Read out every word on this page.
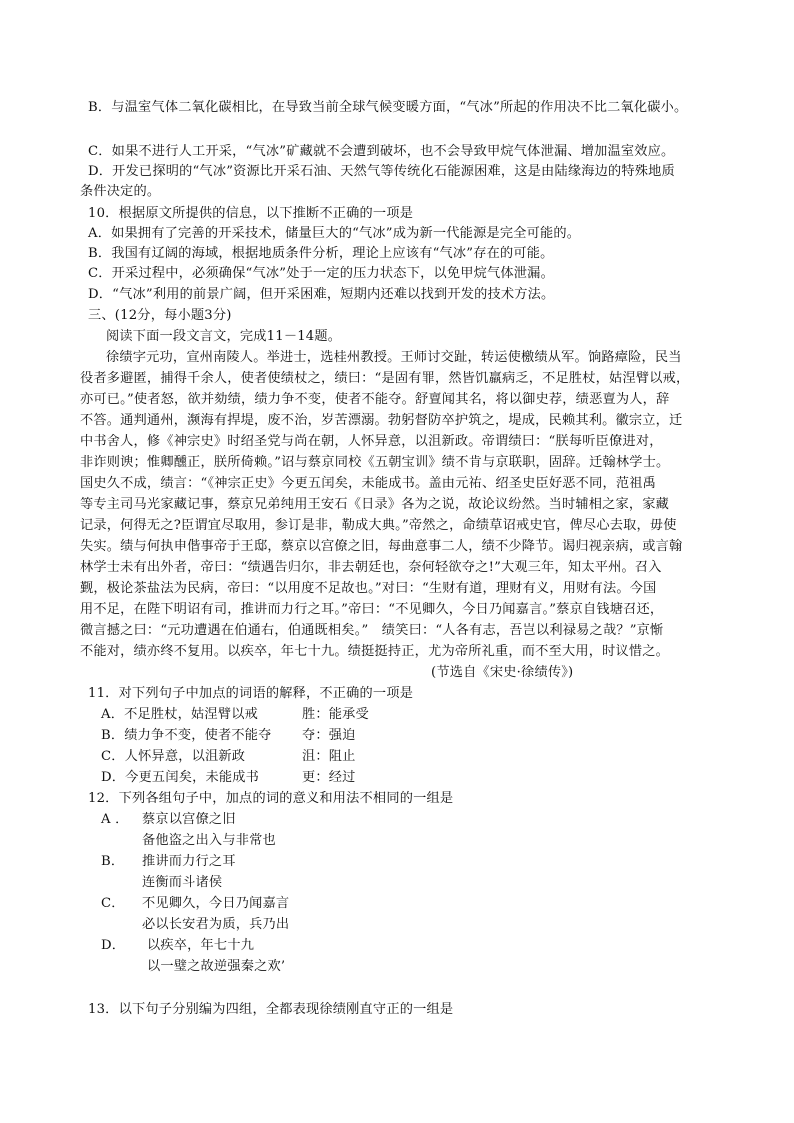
B．与温室气体二氧化碳相比，在导致当前全球气候变暖方面，“气冰”所起的作用决不比二氧化碳小。
C．如果不进行人工开采，“气冰”矿藏就不会遭到破坏，也不会导致甲烷气体泄漏、增加温室效应。
D．开发已探明的“气冰”资源比开采石油、天然气等传统化石能源困难，这是由陆缘海边的特殊地质
条件决定的。
10．根据原文所提供的信息，以下推断不正确的一项是
A．如果拥有了完善的开采技术，储量巨大的“气冰”成为新一代能源是完全可能的。
B．我国有辽阔的海域，根据地质条件分析，理论上应该有“气冰”存在的可能。
C．开采过程中，必须确保“气冰”处于一定的压力状态下，以免甲烷气体泄漏。
D．“气冰”利用的前景广阔，但开采困难，短期内还难以找到开发的技术方法。
三、(12分，每小题3分)
阅读下面一段文言文，完成11－14题。
徐绩字元功，宣州南陵人。举进士，选桂州教授。王师讨交趾，转运使檄绩从军。饷路瘴险，民当
役者多避匿，捕得千余人，使者使绩杖之，绩曰：“是固有罪，然皆饥羸病乏，不足胜杖，姑涅臂以戒，
亦可已。”使者怒，欲并劾绩，绩力争不变，使者不能夺。舒亶闻其名，将以御史荐，绩恶亶为人，辞
不答。通判通州，濒海有捍堤，废不治，岁苦漂溺。勃躬督防卒护筑之，堤成，民赖其利。徽宗立，迁
中书舍人，修《神宗史》时绍圣党与尚在朝，人怀异意，以沮新政。帝谓绩曰：“朕每听臣僚进对，
非诈则谀；惟卿醺正，朕所倚赖。”诏与蔡京同校《五朝宝训》绩不肯与京联职，固辞。迁翰林学士。
国史久不成，绩言：“《神宗正史》今更五闰矣，未能成书。盖由元祐、绍圣史臣好恶不同，范祖禹
等专主司马光家藏记事，蔡京兄弟纯用王安石《日录》各为之说，故论议纷然。当时辅相之家，家藏
记录，何得无之?臣谓宜尽取用，参订是非，勒成大典。”帝然之，命绩草诏戒史官，俾尽心去取，毋使
失实。绩与何执申偕事帝于王邸，蔡京以宫僚之旧，每曲意事二人，绩不少降节。谒归视亲病，或言翰
林学士未有出外者，帝曰：“绩遇告归尔，非去朝廷也，奈何轻欲夺之!”大观三年，知太平州。召入
觐，极论茶盐法为民病，帝曰：“以用度不足故也。”对曰：“生财有道，理财有义，用财有法。今国
用不足，在陛下明诏有司，推讲而力行之耳。”帝曰：“不见卿久，今日乃闻嘉言。”蔡京自钱塘召还，
微言撼之曰：“元功遭遇在伯通右，伯通既相矣。”　绩笑曰：“人各有志，吾岂以利禄易之哉？”京惭
不能对，绩亦终不复用。以疾卒，年七十九。绩挺挺持正，尤为帝所礼重，而不至大用，时议惜之。
(节选自《宋史·徐绩传》)
11．对下列句子中加点的词语的解释，不正确的一项是
A．不足胜杖，姑涅臂以戒	胜：能承受
B．绩力争不变，使者不能夺 夺：强迫
C．人怀异意，以沮新政	沮：阻止
D．今更五闰矣，未能成书	更：经过
12．下列各组句子中，加点的词的意义和用法不相同的一组是
A ． 蔡京以宫僚之旧
备他盗之出入与非常也
B． 推讲而力行之耳
连衡而斗诸侯
C． 不见卿久，今日乃闻嘉言
必以长安君为质，兵乃出
D． 以疾卒，年七十九
以一璧之故逆强秦之欢’
13．以下句子分别编为四组，全都表现徐绩刚直守正的一组是
